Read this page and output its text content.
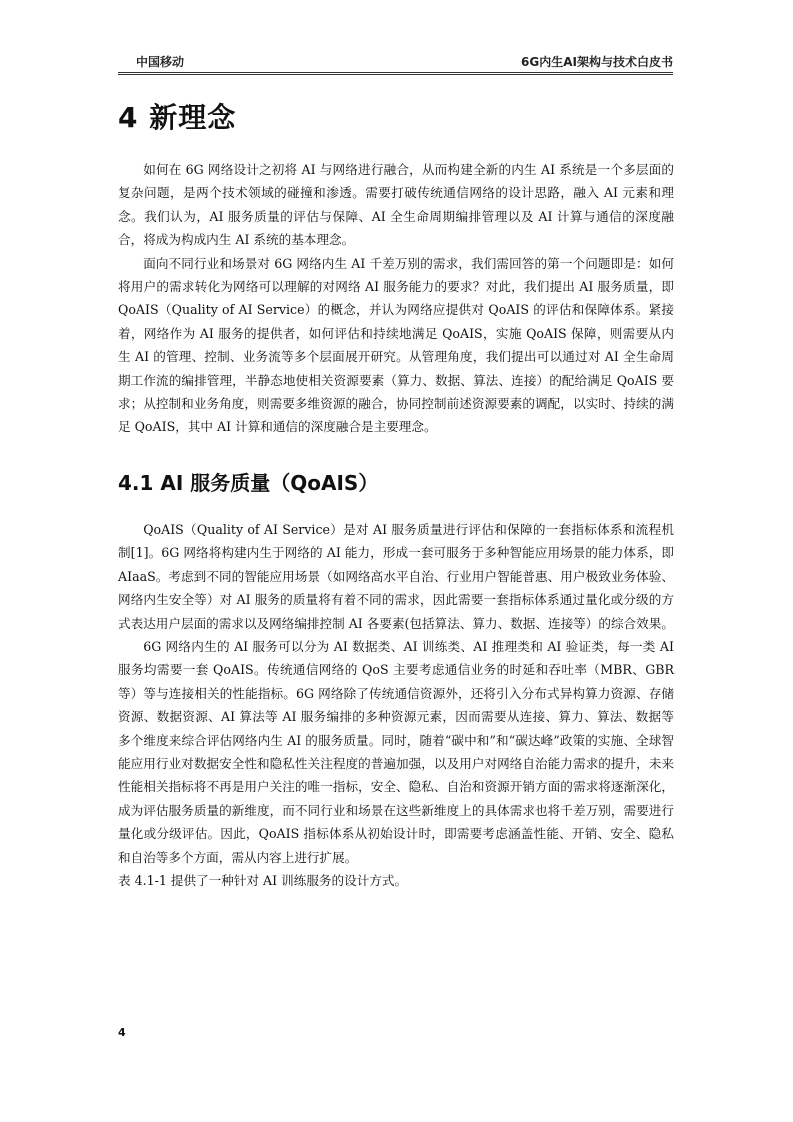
中国移动	6G内生AI架构与技术白皮书
4 新理念

如何在 6G 网络设计之初将 AI 与网络进行融合，从而构建全新的内生 AI 系统是一个多层面的复杂问题，是两个技术领域的碰撞和渗透。需要打破传统通信网络的设计思路，融入 AI 元素和理念。我们认为，AI 服务质量的评估与保障、AI 全生命周期编排管理以及 AI 计算与通信的深度融合，将成为构成内生 AI 系统的基本理念。

面向不同行业和场景对 6G 网络内生 AI 千差万别的需求，我们需回答的第一个问题即是：如何将用户的需求转化为网络可以理解的对网络 AI 服务能力的要求？对此，我们提出 AI 服务质量，即 QoAIS（Quality of AI Service）的概念，并认为网络应提供对 QoAIS 的评估和保障体系。紧接着，网络作为 AI 服务的提供者，如何评估和持续地满足 QoAIS，实施 QoAIS 保障，则需要从内生 AI 的管理、控制、业务流等多个层面展开研究。从管理角度，我们提出可以通过对 AI 全生命周期工作流的编排管理，半静态地使相关资源要素（算力、数据、算法、连接）的配给满足 QoAIS 要求；从控制和业务角度，则需要多维资源的融合，协同控制前述资源要素的调配，以实时、持续的满足 QoAIS，其中 AI 计算和通信的深度融合是主要理念。

4.1 AI 服务质量（QoAIS）

QoAIS（Quality of AI Service）是对 AI 服务质量进行评估和保障的一套指标体系和流程机制[1]。6G 网络将构建内生于网络的 AI 能力，形成一套可服务于多种智能应用场景的能力体系，即 AIaaS。考虑到不同的智能应用场景（如网络高水平自治、行业用户智能普惠、用户极致业务体验、网络内生安全等）对 AI 服务的质量将有着不同的需求，因此需要一套指标体系通过量化或分级的方式表达用户层面的需求以及网络编排控制 AI 各要素(包括算法、算力、数据、连接等）的综合效果。

6G 网络内生的 AI 服务可以分为 AI 数据类、AI 训练类、AI 推理类和 AI 验证类，每一类 AI 服务均需要一套 QoAIS。传统通信网络的 QoS 主要考虑通信业务的时延和吞吐率（MBR、GBR 等）等与连接相关的性能指标。6G 网络除了传统通信资源外，还将引入分布式异构算力资源、存储资源、数据资源、AI 算法等 AI 服务编排的多种资源元素，因而需要从连接、算力、算法、数据等多个维度来综合评估网络内生 AI 的服务质量。同时，随着“碳中和”和“碳达峰”政策的实施、全球智能应用行业对数据安全性和隐私性关注程度的普遍加强，以及用户对网络自治能力需求的提升，未来性能相关指标将不再是用户关注的唯一指标，安全、隐私、自治和资源开销方面的需求将逐渐深化，成为评估服务质量的新维度，而不同行业和场景在这些新维度上的具体需求也将千差万别，需要进行量化或分级评估。因此，QoAIS 指标体系从初始设计时，即需要考虑涵盖性能、开销、安全、隐私和自治等多个方面，需从内容上进行扩展。

表 4.1-1 提供了一种针对 AI 训练服务的设计方式。

4
